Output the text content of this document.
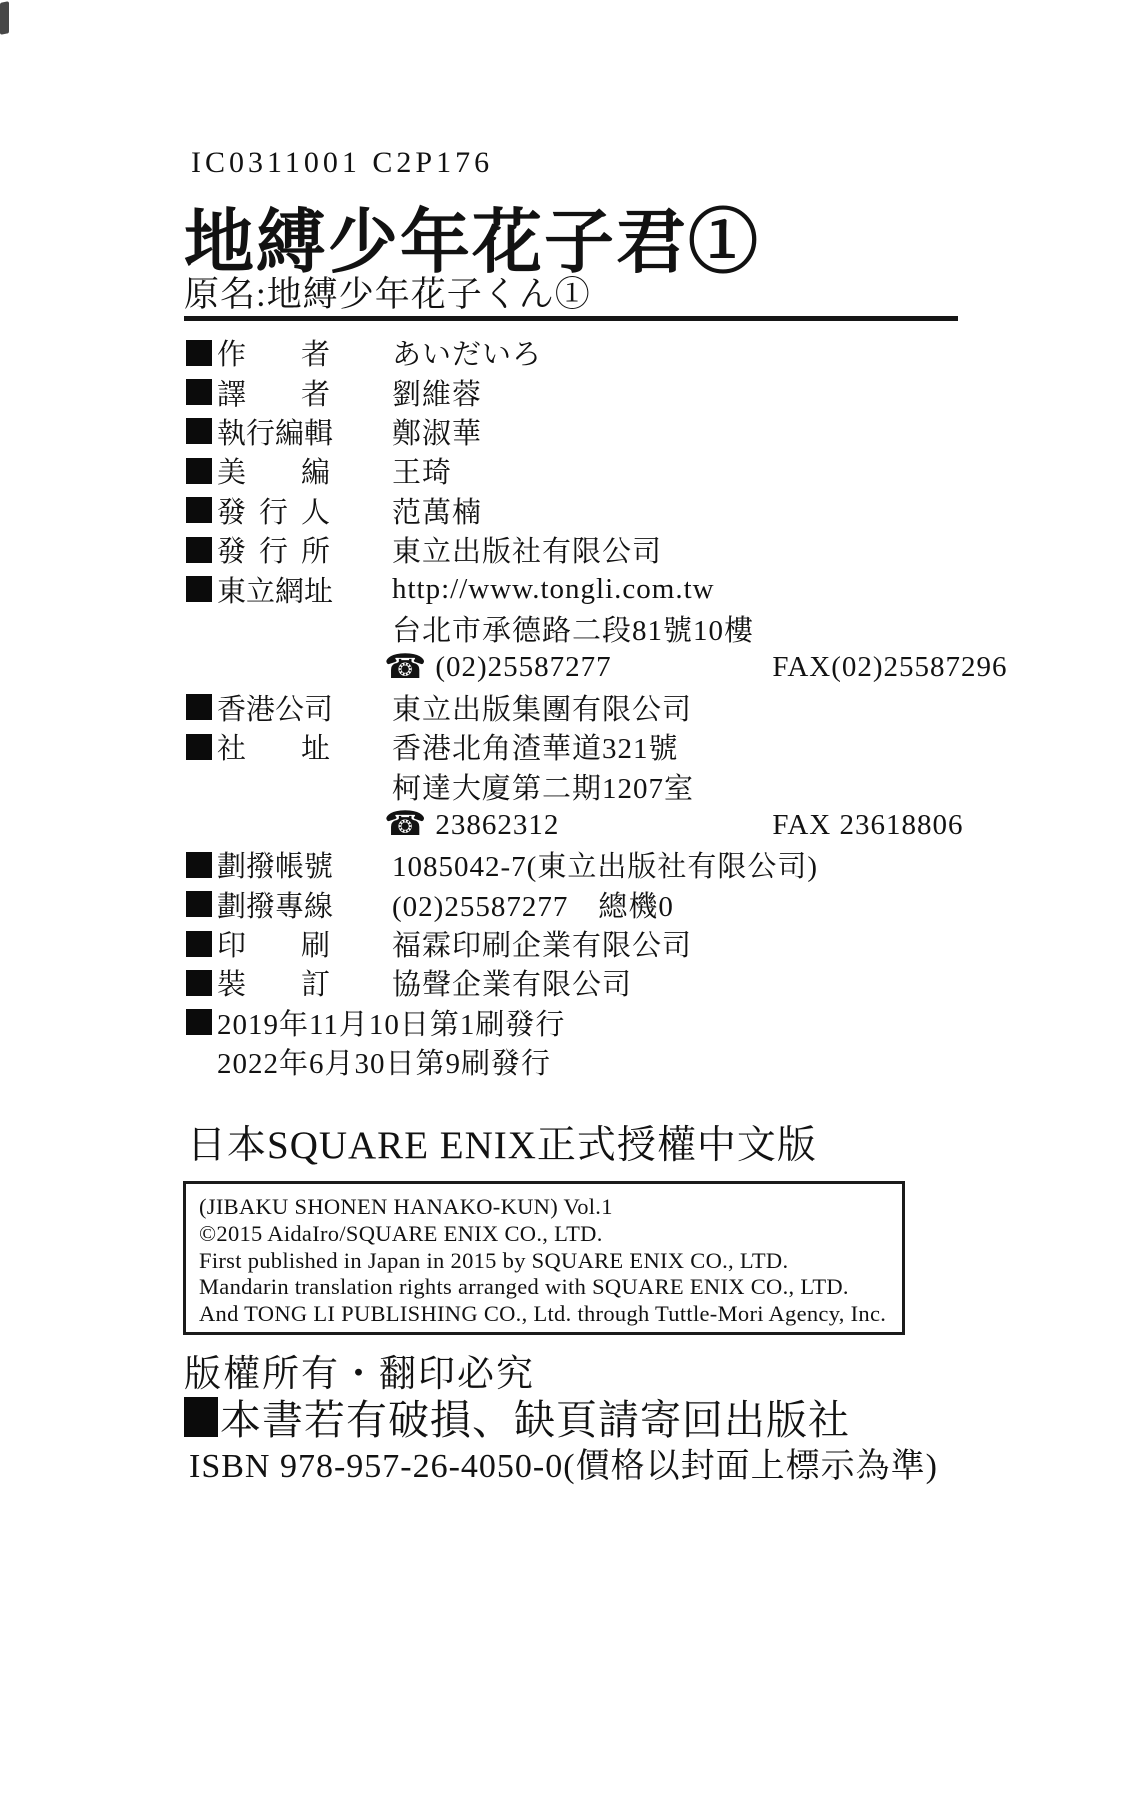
IC0311001 C2P176
地縛少年花子君①
原名:地縛少年花子くん①
作 者 あいだいろ
譯 者 劉維蓉
執 行 編 輯 鄭淑華
美 編 王琦
發 行 人 范萬楠
發 行 所 東立出版社有限公司
東 立 網 址 http://www.tongli.com.tw
台北市承德路二段81號10樓
☎ (02)25587277	FAX(02)25587296
香 港 公 司 東立出版集團有限公司
社 址 香港北角渣華道321號
柯達大廈第二期1207室
☎ 23862312	FAX 23618806
劃 撥 帳 號 1085042-7(東立出版社有限公司)
劃 撥 專 線 (02)25587277　總機0
印 刷 福霖印刷企業有限公司
裝 訂 協聲企業有限公司
2019年11月10日第1刷發行
2022年6月30日第9刷發行
日本SQUARE ENIX正式授權中文版
(JIBAKU SHONEN HANAKO-KUN) Vol.1
©2015 AidaIro/SQUARE ENIX CO., LTD.
First published in Japan in 2015 by SQUARE ENIX CO., LTD.
Mandarin translation rights arranged with SQUARE ENIX CO., LTD.
And TONG LI PUBLISHING CO., Ltd. through Tuttle-Mori Agency, Inc.
版權所有・翻印必究
本書若有破損、缺頁請寄回出版社
ISBN 978-957-26-4050-0(價格以封面上標示為準)
